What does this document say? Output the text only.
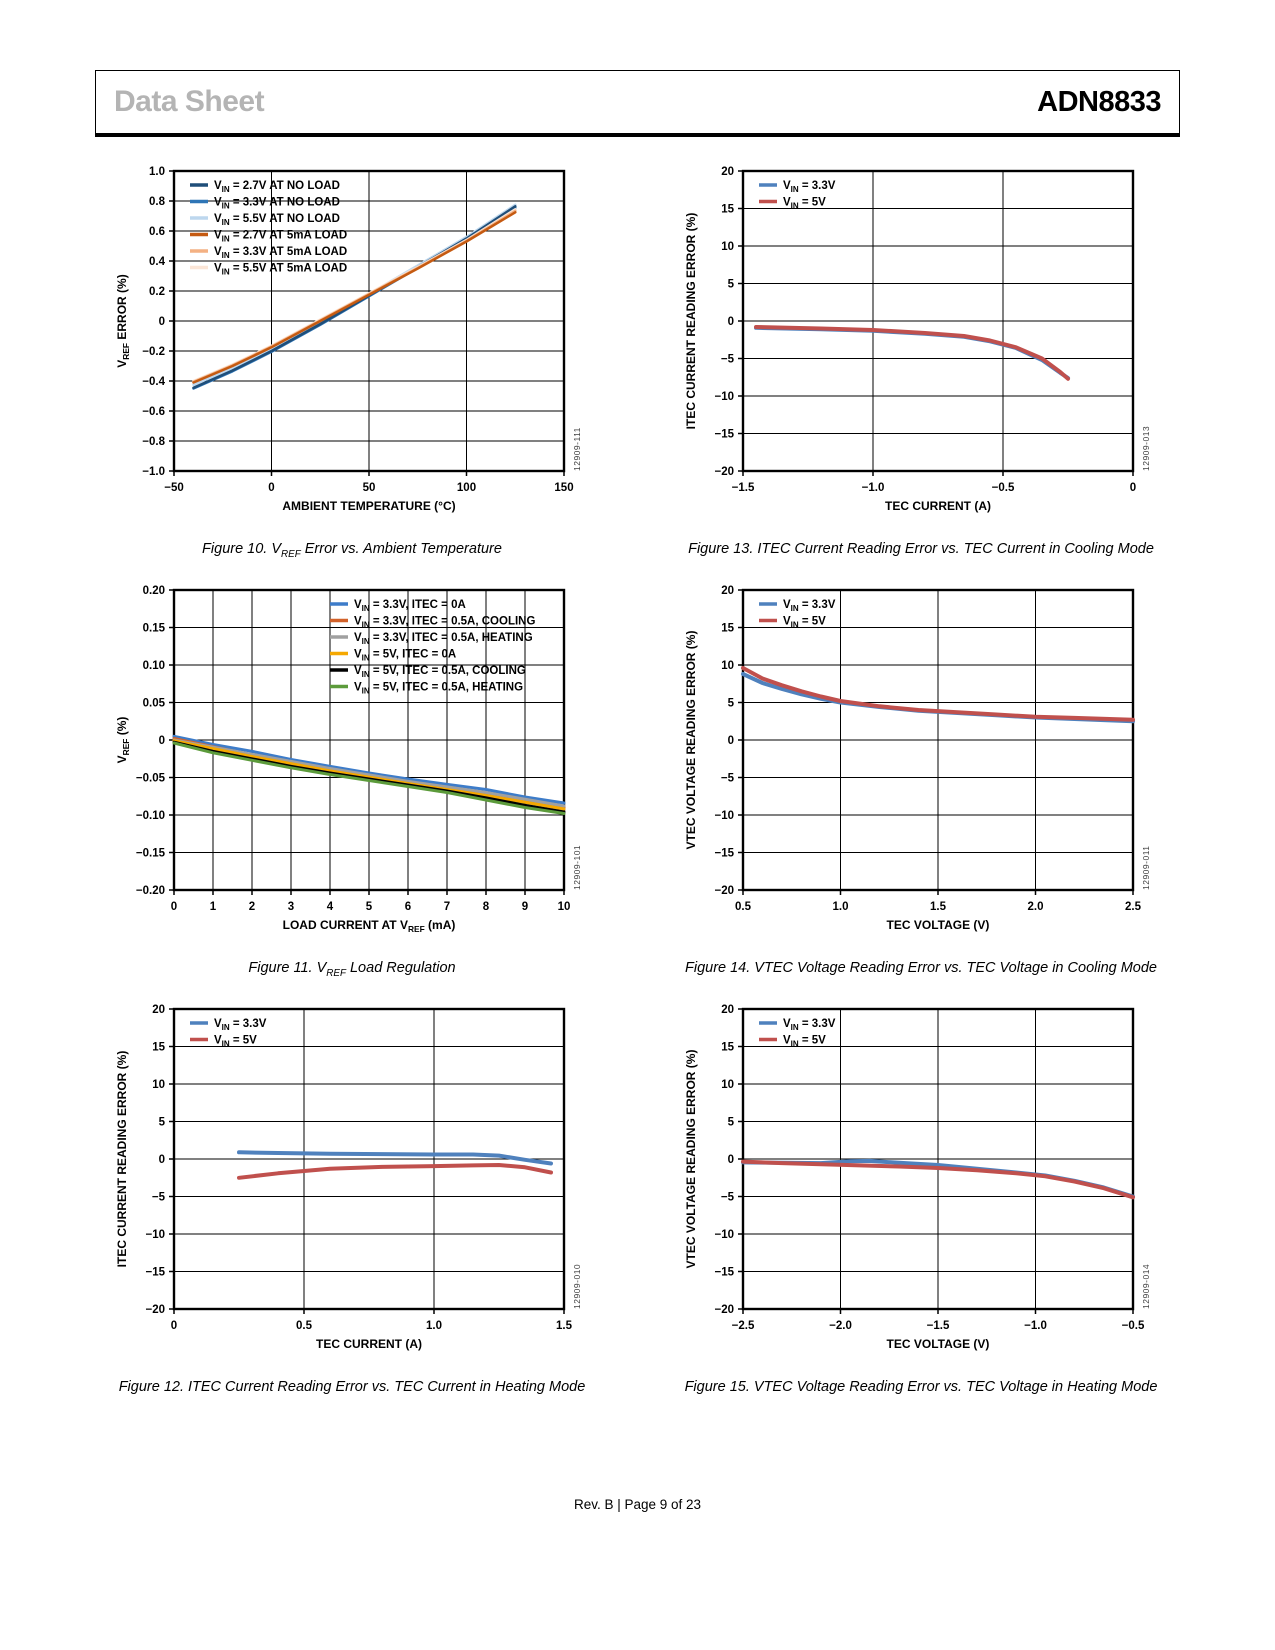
Data Sheet	ADN8833
−50	0	50	100	150
1.0
0.8
0.6
0.4
0.2
0
−0.2
−0.4
−0.6
−0.8
−1.0
AMBIENT TEMPERATURE (°C)
$V_{REF}$ ERROR (%)
$V_{IN} = 2.7V$ AT NO LOAD
$V_{IN} = 3.3V$ AT NO LOAD
$V_{IN} = 5.5V$ AT NO LOAD
$V_{IN} = 2.7V$ AT 5mA LOAD
$V_{IN} = 3.3V$ AT 5mA LOAD
$V_{IN} = 5.5V$ AT 5mA LOAD
12909-111
Figure 10. $V_{REF}$ Error vs. Ambient Temperature
−1.5	−1.0	−0.5	0
20
15
10
5
0
−5
−10
−15
−20
TEC CURRENT (A)
ITEC CURRENT READING ERROR (%)
$V_{IN} = 3.3V$
$V_{IN} = 5V$
12909-013
Figure 13. ITEC Current Reading Error vs. TEC Current in Cooling Mode
0	1	2	3	4	5	6	7	8	9	10
0.20
0.15
0.10
0.05
0
−0.05
−0.10
−0.15
−0.20
LOAD CURRENT AT $V_{REF}$ (mA)
$V_{REF}$ (%)
$V_{IN} = 3.3V$, ITEC = 0A
$V_{IN} = 3.3V$, ITEC = 0.5A, COOLING
$V_{IN} = 3.3V$, ITEC = 0.5A, HEATING
$V_{IN} = 5V$, ITEC = 0A
$V_{IN} = 5V$, ITEC = 0.5A, COOLING
$V_{IN} = 5V$, ITEC = 0.5A, HEATING
12909-101
Figure 11. $V_{REF}$ Load Regulation
0.5	1.0	1.5	2.0	2.5
20
15
10
5
0
−5
−10
−15
−20
TEC VOLTAGE (V)
VTEC VOLTAGE READING ERROR (%)
$V_{IN} = 3.3V$
$V_{IN} = 5V$
12909-011
Figure 14. VTEC Voltage Reading Error vs. TEC Voltage in Cooling Mode
0	0.5	1.0	1.5
20
15
10
5
0
−5
−10
−15
−20
TEC CURRENT (A)
ITEC CURRENT READING ERROR (%)
$V_{IN} = 3.3V$
$V_{IN} = 5V$
12909-010
Figure 12. ITEC Current Reading Error vs. TEC Current in Heating Mode
−2.5	−2.0	−1.5	−1.0	−0.5
20
15
10
5
0
−5
−10
−15
−20
TEC VOLTAGE (V)
VTEC VOLTAGE READING ERROR (%)
$V_{IN} = 3.3V$
$V_{IN} = 5V$
12909-014
Figure 15. VTEC Voltage Reading Error vs. TEC Voltage in Heating Mode
Rev. B | Page 9 of 23
